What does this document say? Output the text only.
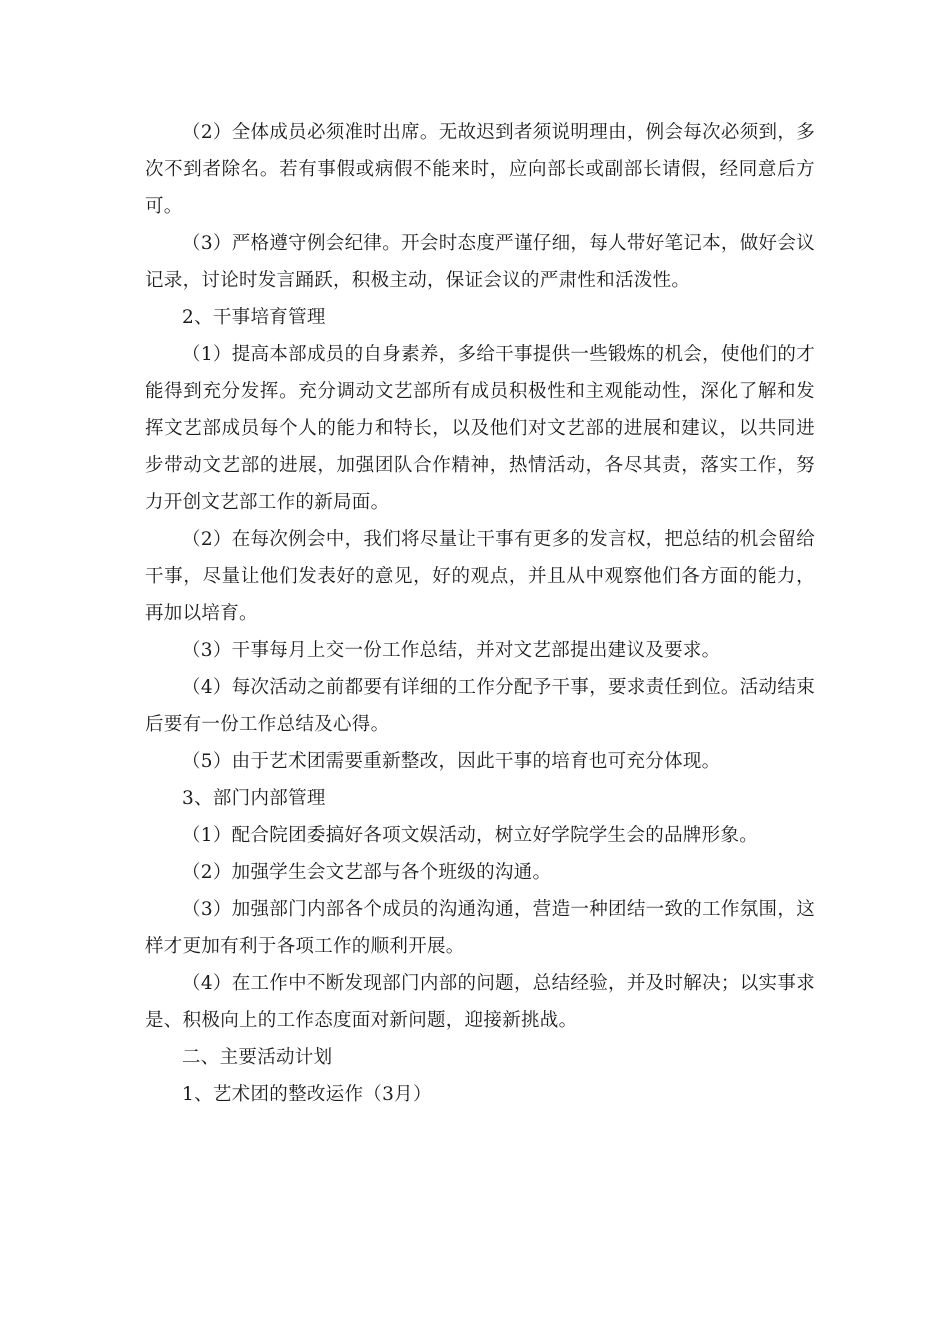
（2）全体成员必须准时出席。无故迟到者须说明理由，例会每次必须到，多次不到者除名。若有事假或病假不能来时，应向部长或副部长请假，经同意后方可。

（3）严格遵守例会纪律。开会时态度严谨仔细，每人带好笔记本，做好会议记录，讨论时发言踊跃，积极主动，保证会议的严肃性和活泼性。

2、干事培育管理

（1）提高本部成员的自身素养，多给干事提供一些锻炼的机会，使他们的才能得到充分发挥。充分调动文艺部所有成员积极性和主观能动性，深化了解和发挥文艺部成员每个人的能力和特长，以及他们对文艺部的进展和建议，以共同进步带动文艺部的进展，加强团队合作精神，热情活动，各尽其责，落实工作，努力开创文艺部工作的新局面。

（2）在每次例会中，我们将尽量让干事有更多的发言权，把总结的机会留给干事，尽量让他们发表好的意见，好的观点，并且从中观察他们各方面的能力，再加以培育。

（3）干事每月上交一份工作总结，并对文艺部提出建议及要求。

（4）每次活动之前都要有详细的工作分配予干事，要求责任到位。活动结束后要有一份工作总结及心得。

（5）由于艺术团需要重新整改，因此干事的培育也可充分体现。

3、部门内部管理

（1）配合院团委搞好各项文娱活动，树立好学院学生会的品牌形象。

（2）加强学生会文艺部与各个班级的沟通。

（3）加强部门内部各个成员的沟通沟通，营造一种团结一致的工作氛围，这样才更加有利于各项工作的顺利开展。

（4）在工作中不断发现部门内部的问题，总结经验，并及时解决；以实事求是、积极向上的工作态度面对新问题，迎接新挑战。

二、主要活动计划

1、艺术团的整改运作（3月）
